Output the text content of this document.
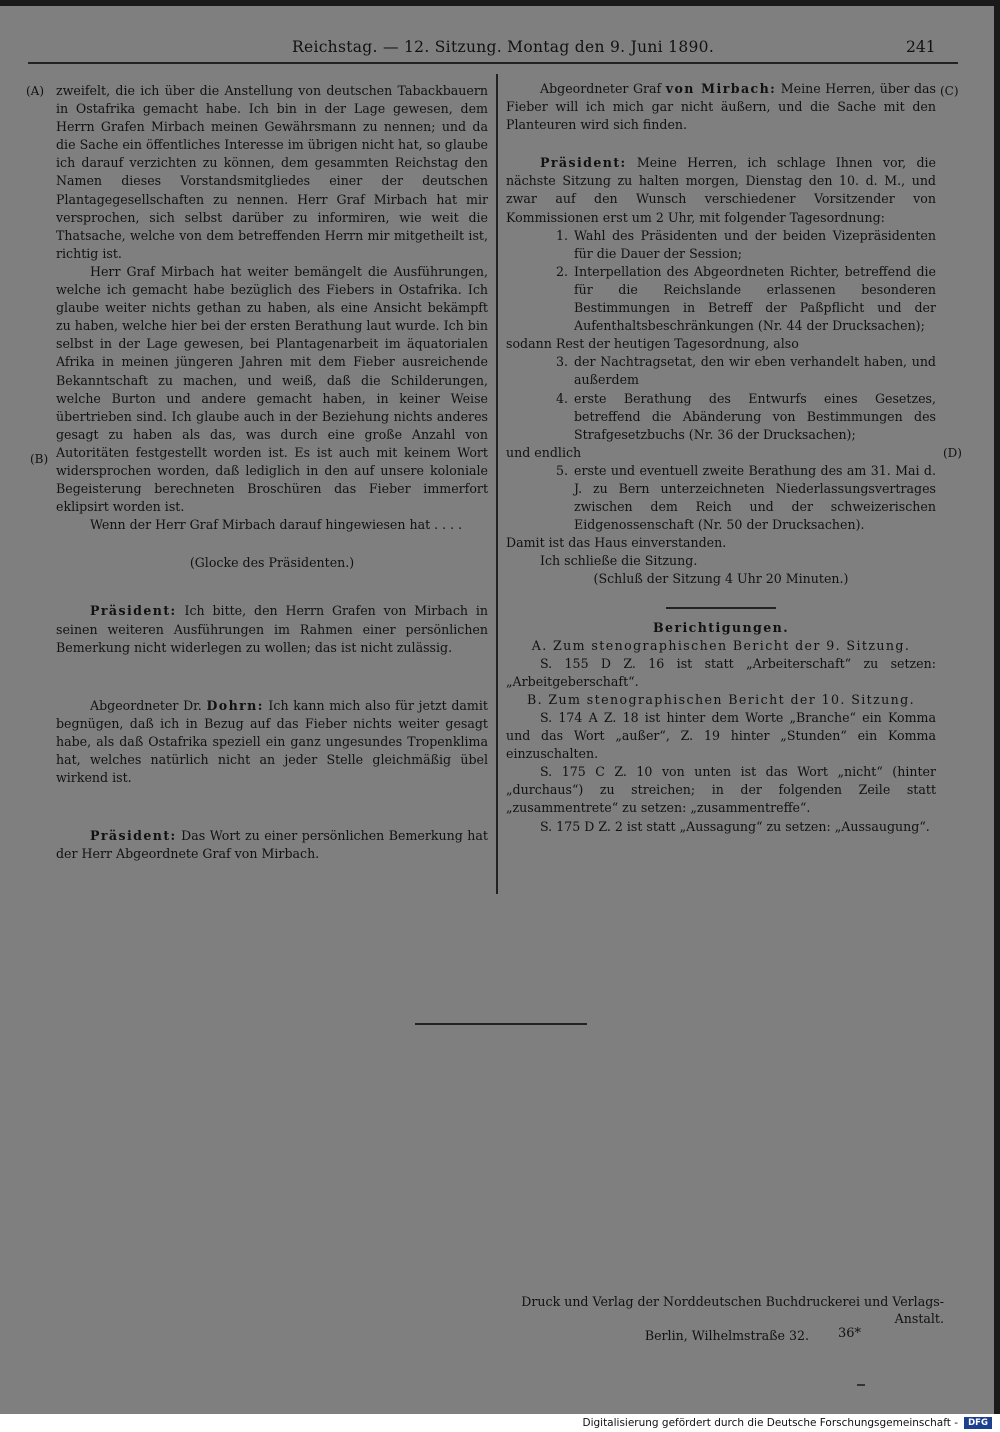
Reichstag. — 12. Sitzung. Montag den 9. Juni 1890.	241
(A)
(B)
(C)
(D)

zweifelt, die ich über die Anstellung von deutschen Tabackbauern in Ostafrika gemacht habe. Ich bin in der Lage gewesen, dem Herrn Grafen Mirbach meinen Gewährsmann zu nennen; und da die Sache ein öffentliches Interesse im übrigen nicht hat, so glaube ich darauf verzichten zu können, dem gesammten Reichstag den Namen dieses Vorstandsmitgliedes einer der deutschen Plantagegesellschaften zu nennen. Herr Graf Mirbach hat mir versprochen, sich selbst darüber zu informiren, wie weit die Thatsache, welche von dem betreffenden Herrn mir mitgetheilt ist, richtig ist.

Herr Graf Mirbach hat weiter bemängelt die Ausführungen, welche ich gemacht habe bezüglich des Fiebers in Ostafrika. Ich glaube weiter nichts gethan zu haben, als eine Ansicht bekämpft zu haben, welche hier bei der ersten Berathung laut wurde. Ich bin selbst in der Lage gewesen, bei Plantagenarbeit im äquatorialen Afrika in meinen jüngeren Jahren mit dem Fieber ausreichende Bekanntschaft zu machen, und weiß, daß die Schilderungen, welche Burton und andere gemacht haben, in keiner Weise übertrieben sind. Ich glaube auch in der Beziehung nichts anderes gesagt zu haben als das, was durch eine große Anzahl von Autoritäten festgestellt worden ist. Es ist auch mit keinem Wort widersprochen worden, daß lediglich in den auf unsere koloniale Begeisterung berechneten Broschüren das Fieber immerfort eklipsirt worden ist.

Wenn der Herr Graf Mirbach darauf hingewiesen hat . . . .

(Glocke des Präsidenten.)

Präsident: Ich bitte, den Herrn Grafen von Mirbach in seinen weiteren Ausführungen im Rahmen einer persönlichen Bemerkung nicht widerlegen zu wollen; das ist nicht zulässig.

Abgeordneter Dr. Dohrn: Ich kann mich also für jetzt damit begnügen, daß ich in Bezug auf das Fieber nichts weiter gesagt habe, als daß Ostafrika speziell ein ganz ungesundes Tropenklima hat, welches natürlich nicht an jeder Stelle gleichmäßig übel wirkend ist.

Präsident: Das Wort zu einer persönlichen Bemerkung hat der Herr Abgeordnete Graf von Mirbach.

Abgeordneter Graf von Mirbach: Meine Herren, über das Fieber will ich mich gar nicht äußern, und die Sache mit den Planteuren wird sich finden.

Präsident: Meine Herren, ich schlage Ihnen vor, die nächste Sitzung zu halten morgen, Dienstag den 10. d. M., und zwar auf den Wunsch verschiedener Vorsitzender von Kommissionen erst um 2 Uhr, mit folgender Tagesordnung:

1. Wahl des Präsidenten und der beiden Vizepräsidenten für die Dauer der Session;
2. Interpellation des Abgeordneten Richter, betreffend die für die Reichslande erlassenen besonderen Bestimmungen in Betreff der Paßpflicht und der Aufenthaltsbeschränkungen (Nr. 44 der Drucksachen);

sodann Rest der heutigen Tagesordnung, also

3. der Nachtragsetat, den wir eben verhandelt haben, und außerdem
4. erste Berathung des Entwurfs eines Gesetzes, betreffend die Abänderung von Bestimmungen des Strafgesetzbuchs (Nr. 36 der Drucksachen);

und endlich

5. erste und eventuell zweite Berathung des am 31. Mai d. J. zu Bern unterzeichneten Niederlassungsvertrages zwischen dem Reich und der schweizerischen Eidgenossenschaft (Nr. 50 der Drucksachen).

Damit ist das Haus einverstanden.

Ich schließe die Sitzung.

(Schluß der Sitzung 4 Uhr 20 Minuten.)

Berichtigungen.

A. Zum stenographischen Bericht der 9. Sitzung.

S. 155 D Z. 16 ist statt „Arbeiterschaft“ zu setzen: „Arbeitgeberschaft“.

B. Zum stenographischen Bericht der 10. Sitzung.

S. 174 A Z. 18 ist hinter dem Worte „Branche“ ein Komma und das Wort „außer“, Z. 19 hinter „Stunden“ ein Komma einzuschalten.

S. 175 C Z. 10 von unten ist das Wort „nicht“ (hinter „durchaus“) zu streichen; in der folgenden Zeile statt „zusammentrete“ zu setzen: „zusammentreffe“.

S. 175 D Z. 2 ist statt „Aussagung“ zu setzen: „Aussaugung“.

Druck und Verlag der Norddeutschen Buchdruckerei und Verlags-Anstalt.

Berlin, Wilhelmstraße 32.	36*
Digitalisierung gefördert durch die Deutsche Forschungsgemeinschaft -	DFG
